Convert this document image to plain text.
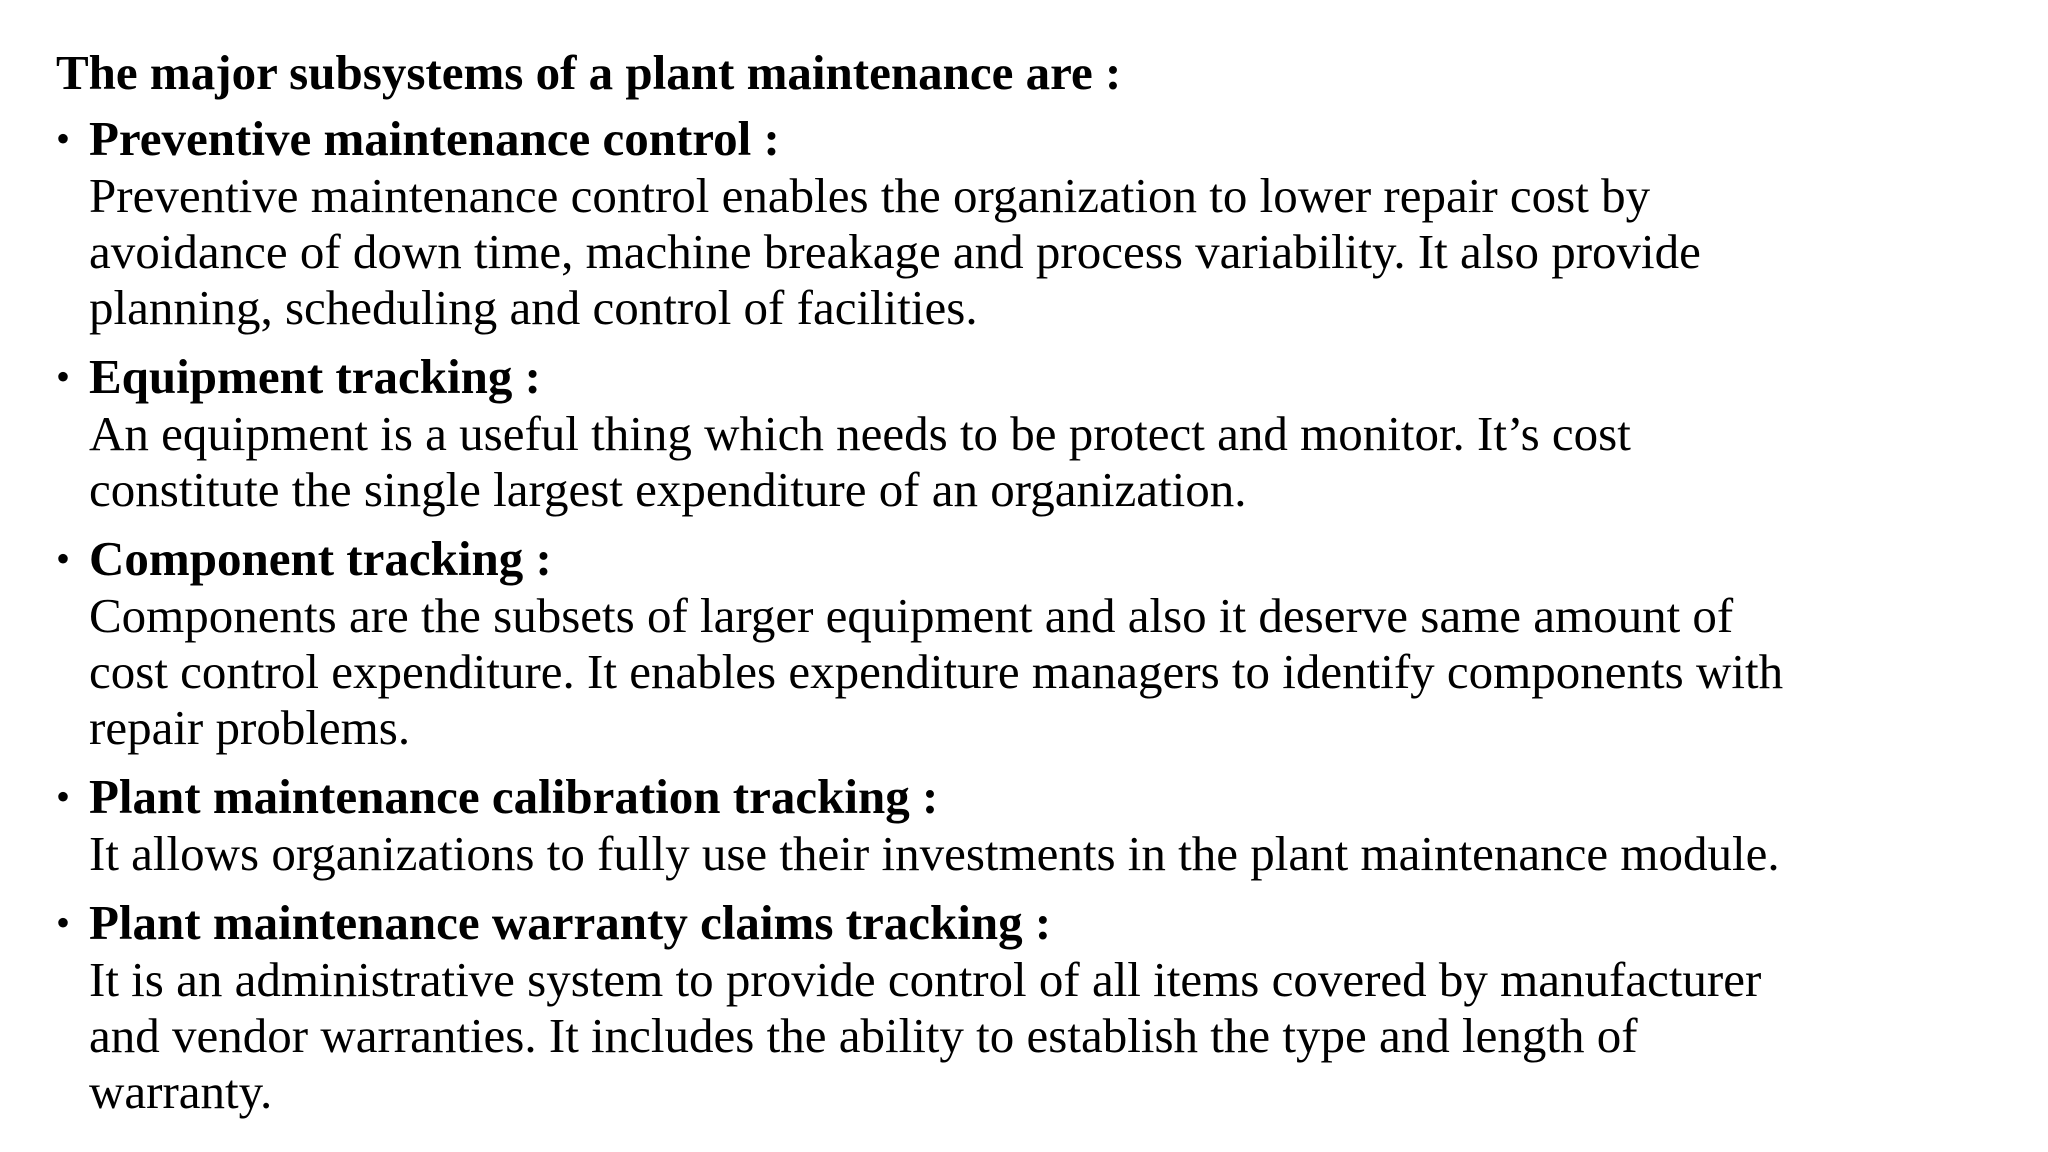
The major subsystems of a plant maintenance are :
• Preventive maintenance control :
Preventive maintenance control enables the organization to lower repair cost by
avoidance of down time, machine breakage and process variability. It also provide
planning, scheduling and control of facilities.
• Equipment tracking :
An equipment is a useful thing which needs to be protect and monitor. It’s cost
constitute the single largest expenditure of an organization.
• Component tracking :
Components are the subsets of larger equipment and also it deserve same amount of
cost control expenditure. It enables expenditure managers to identify components with
repair problems.
• Plant maintenance calibration tracking :
It allows organizations to fully use their investments in the plant maintenance module.
• Plant maintenance warranty claims tracking :
It is an administrative system to provide control of all items covered by manufacturer
and vendor warranties. It includes the ability to establish the type and length of
warranty.
